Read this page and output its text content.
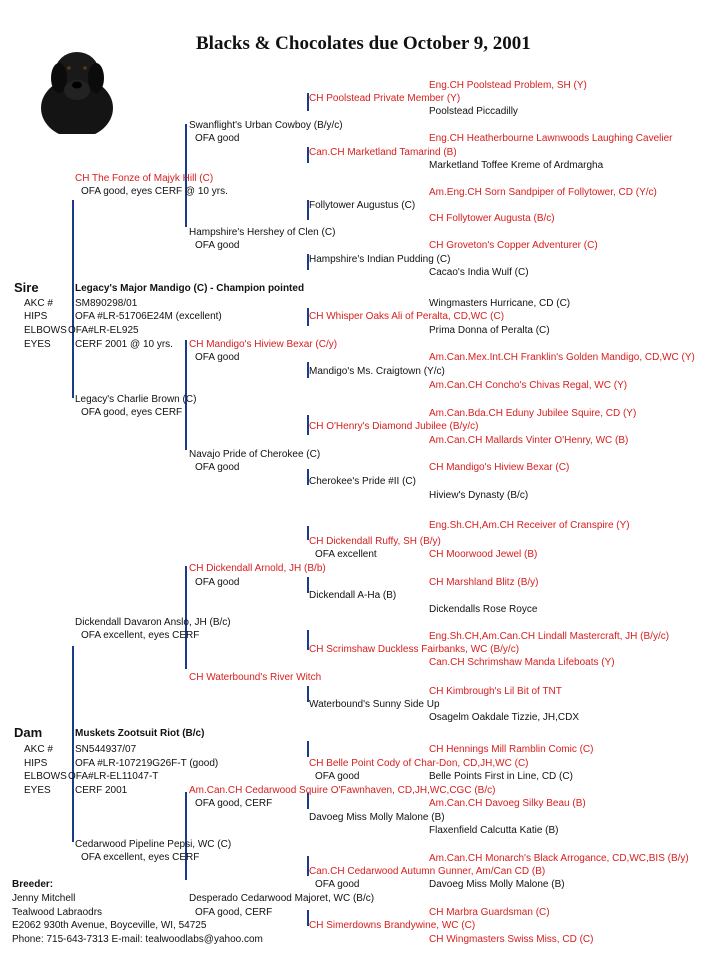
Blacks & Chocolates due October 9, 2001
Eng.CH Poolstead Problem, SH (Y)
CH Poolstead Private Member (Y)
Poolstead Piccadilly
Swanflight's Urban Cowboy (B/y/c)
OFA good	Eng.CH Heatherbourne Lawnwoods Laughing Cavelier
Can.CH Marketland Tamarind (B)
Marketland Toffee Kreme of Ardmargha
CH The Fonze of Majyk Hill (C)
OFA good, eyes CERF @ 10 yrs.	Am.Eng.CH Sorn Sandpiper of Follytower, CD (Y/c)
Follytower Augustus (C)
CH Follytower Augusta (B/c)
Hampshire's Hershey of Clen (C)
OFA good	CH Groveton's Copper Adventurer (C)
Hampshire's Indian Pudding (C)
Cacao's India Wulf (C)
Sire	Legacy's Major Mandigo (C) - Champion pointed
AKC # SM890298/01	Wingmasters Hurricane, CD (C)
HIPS	OFA #LR-51706E24M (excellent)	CH Whisper Oaks Ali of Peralta, CD,WC (C)
ELBOWS OFA#LR-EL925	Prima Donna of Peralta (C)
EYES CERF 2001 @ 10 yrs. CH Mandigo's Hiview Bexar (C/y)
OFA good	Am.Can.Mex.Int.CH Franklin's Golden Mandigo, CD,WC (Y)
Mandigo's Ms. Craigtown (Y/c)
Am.Can.CH Concho's Chivas Regal, WC (Y)
Legacy's Charlie Brown (C)
OFA good, eyes CERF	Am.Can.Bda.CH Eduny Jubilee Squire, CD (Y)
CH O'Henry's Diamond Jubilee (B/y/c)
Am.Can.CH Mallards Vinter O'Henry, WC (B)
Navajo Pride of Cherokee (C)
OFA good	CH Mandigo's Hiview Bexar (C)
Cherokee's Pride #II (C)
Hiview's Dynasty (B/c)
Eng.Sh.CH,Am.CH Receiver of Cranspire (Y)
CH Dickendall Ruffy, SH (B/y)
OFA excellent	CH Moorwood Jewel (B)
CH Dickendall Arnold, JH (B/b)
OFA good	CH Marshland Blitz (B/y)
Dickendall A-Ha (B)
Dickendalls Rose Royce
Dickendall Davaron Anslo, JH (B/c)
OFA excellent, eyes CERF	Eng.Sh.CH,Am.Can.CH Lindall Mastercraft, JH (B/y/c)
CH Scrimshaw Duckless Fairbanks, WC (B/y/c)
Can.CH Schrimshaw Manda Lifeboats (Y)
CH Waterbound's River Witch
CH Kimbrough's Lil Bit of TNT
Waterbound's Sunny Side Up
Osagelm Oakdale Tizzie, JH,CDX
Dam	Muskets Zootsuit Riot (B/c)
AKC # SN544937/07	CH Hennings Mill Ramblin Comic (C)
HIPS	OFA #LR-107219G26F-T (good)	CH Belle Point Cody of Char-Don, CD,JH,WC (C)
ELBOWS OFA#LR-EL11047-T	OFA good	Belle Points First in Line, CD (C)
EYES CERF 2001	Am.Can.CH Cedarwood Squire O'Fawnhaven, CD,JH,WC,CGC (B/c)
OFA good, CERF	Am.Can.CH Davoeg Silky Beau (B)
Davoeg Miss Molly Malone (B)
Flaxenfield Calcutta Katie (B)
Cedarwood Pipeline Pepsi, WC (C)
OFA excellent, eyes CERF	Am.Can.CH Monarch's Black Arrogance, CD,WC,BIS (B/y)
Can.CH Cedarwood Autumn Gunner, Am/Can CD (B)
OFA good	Davoeg Miss Molly Malone (B)
Desperado Cedarwood Majoret, WC (B/c)
OFA good, CERF	CH Marbra Guardsman (C)
CH Simerdowns Brandywine, WC (C)
CH Wingmasters Swiss Miss, CD (C)
Breeder:
Jenny Mitchell
Tealwood Labraodrs
E2062 930th Avenue, Boyceville, WI, 54725
Phone: 715-643-7313 E-mail: tealwoodlabs@yahoo.com
